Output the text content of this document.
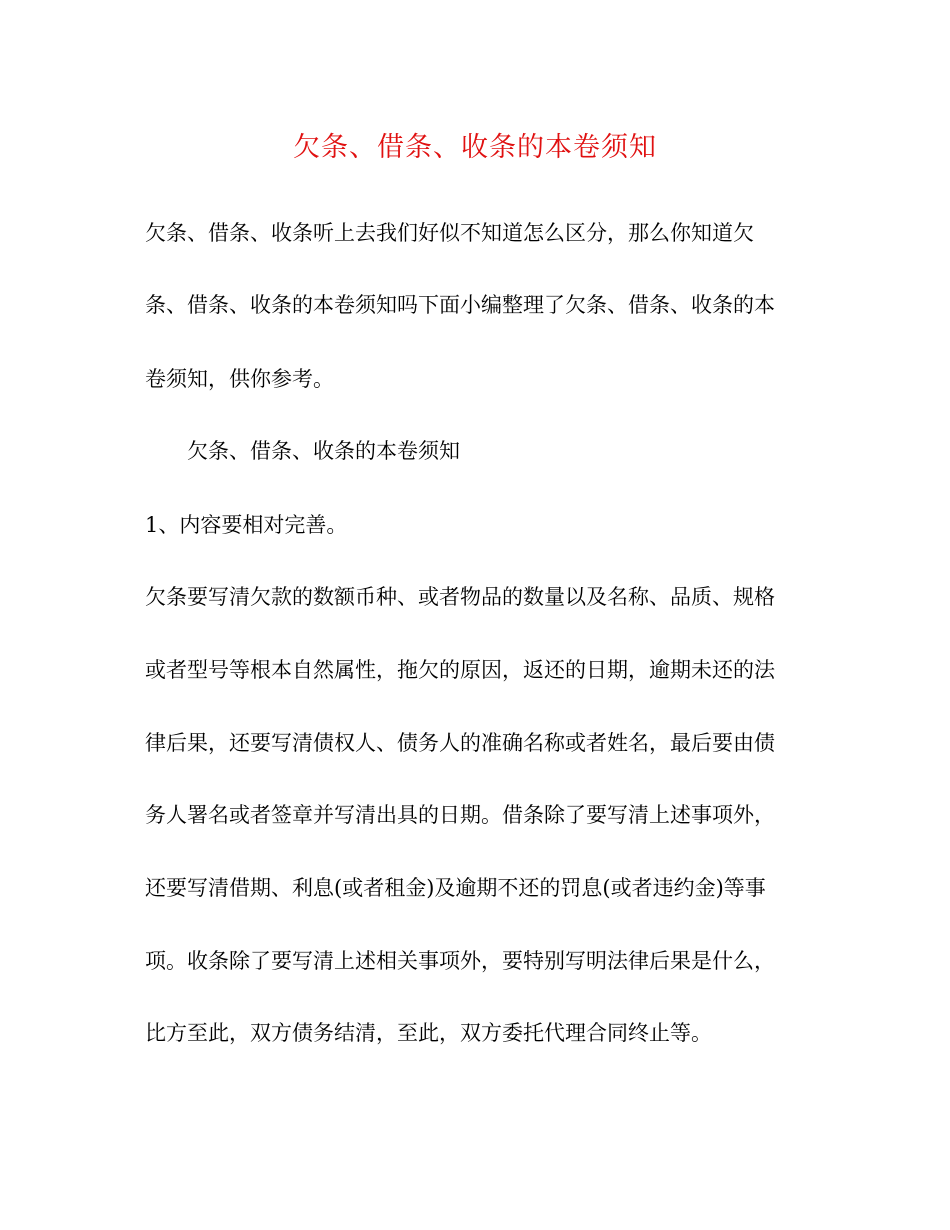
欠条、借条、收条的本卷须知
欠条、借条、收条听上去我们好似不知道怎么区分，那么你知道欠
条、借条、收条的本卷须知吗下面小编整理了欠条、借条、收条的本
卷须知，供你参考。
欠条、借条、收条的本卷须知
1、内容要相对完善。
欠条要写清欠款的数额币种、或者物品的数量以及名称、品质、规格
或者型号等根本自然属性，拖欠的原因，返还的日期，逾期未还的法
律后果，还要写清债权人、债务人的准确名称或者姓名，最后要由债
务人署名或者签章并写清出具的日期。借条除了要写清上述事项外，
还要写清借期、利息(或者租金)及逾期不还的罚息(或者违约金)等事
项。收条除了要写清上述相关事项外，要特别写明法律后果是什么，
比方至此，双方债务结清，至此，双方委托代理合同终止等。
